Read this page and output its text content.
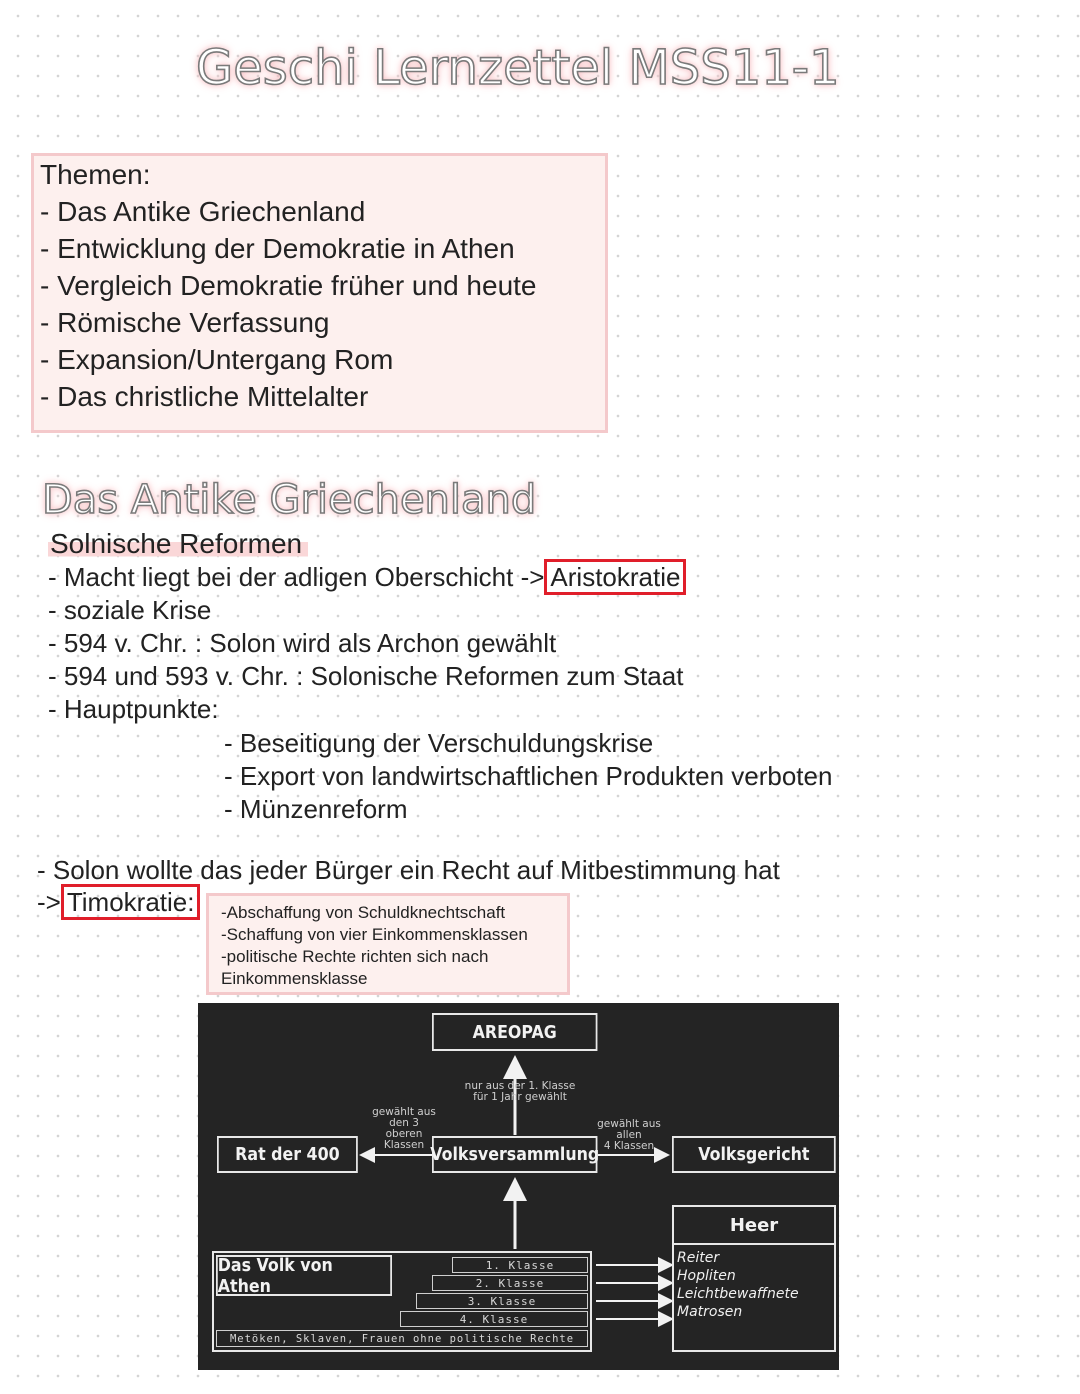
Geschi Lernzettel MSS11-1
Themen:
- Das Antike Griechenland
- Entwicklung der Demokratie in Athen
- Vergleich Demokratie früher und heute
- Römische Verfassung
- Expansion/Untergang Rom
- Das christliche Mittelalter
Das Antike Griechenland
Solnische Reformen
- Macht liegt bei der adligen Oberschicht -> Aristokratie
- soziale Krise
- 594 v. Chr. : Solon wird als Archon gewählt
- 594 und 593 v. Chr. : Solonische Reformen zum Staat
- Hauptpunkte:
- Beseitigung der Verschuldungskrise
- Export von landwirtschaftlichen Produkten verboten
- Münzenreform
- Solon wollte das jeder Bürger ein Recht auf Mitbestimmung hat
-> Timokratie:	-Abschaffung von Schuldknechtschaft
-Schaffung von vier Einkommensklassen
-politische Rechte richten sich nach
Einkommensklasse
AREOPAG
nur aus der 1. Klasse
für 1 Jahr gewählt
gewählt aus
den 3
oberen
Klassen
Rat der 400	Volksversammlung
gewählt aus
allen
4 Klassen	Volksgericht
Heer
Reiter
Hopliten
Leichtbewaffnete
Matrosen
Das Volk von Athen
1. Klasse
2. Klasse
3. Klasse
4. Klasse
Metöken, Sklaven, Frauen ohne politische Rechte
